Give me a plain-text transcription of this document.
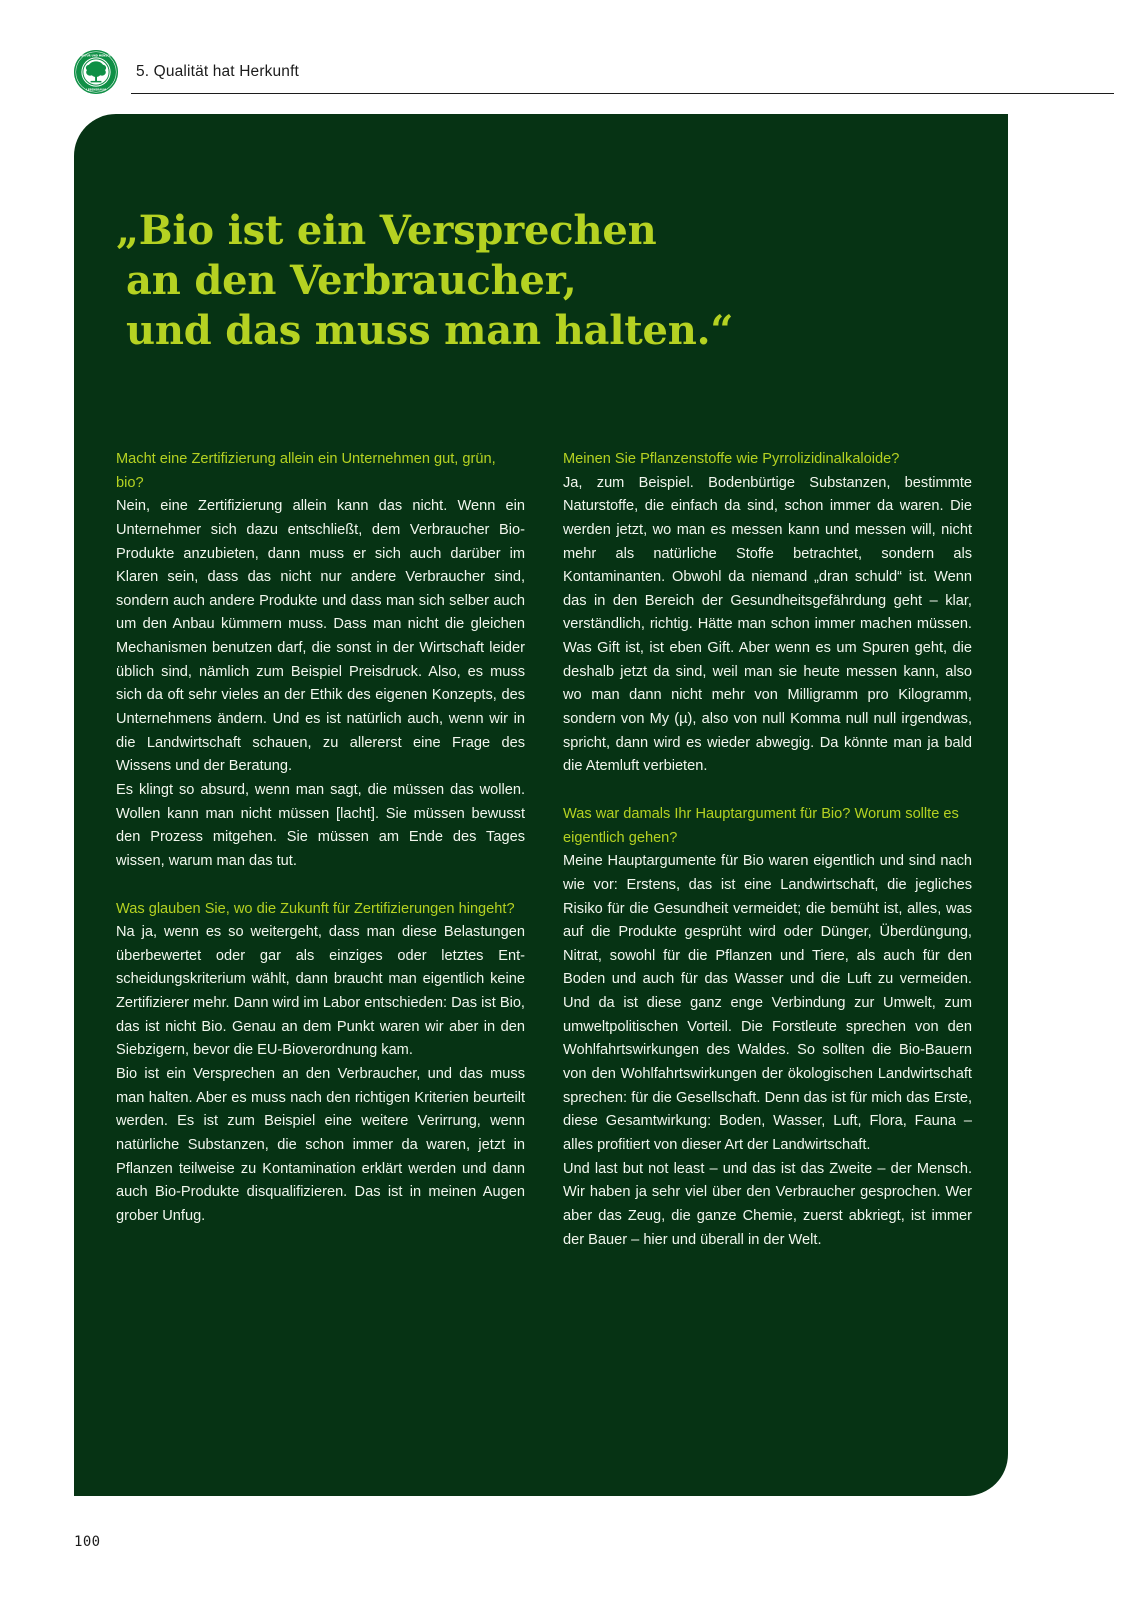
NATUR UND MENSCH
LEBENSRAUM
5. Qualität hat Herkunft
„Bio ist ein Versprechen
an den Verbraucher,
und das muss man halten.“

Macht eine Zertifizierung allein ein Unternehmen gut, grün, bio?

Nein, eine Zertifizierung allein kann das nicht. Wenn ein Unternehmer sich dazu entschließt, dem Verbraucher Bio-Produkte anzubieten, dann muss er sich auch darüber im Klaren sein, dass das nicht nur andere Verbraucher sind, sondern auch andere Produkte und dass man sich selber auch um den Anbau kümmern muss. Dass man nicht die gleichen Mechanismen benutzen darf, die sonst in der Wirtschaft leider üblich sind, nämlich zum Beispiel Preisdruck. Also, es muss sich da oft sehr vieles an der Ethik des eigenen Konzepts, des Unternehmens ändern. Und es ist natürlich auch, wenn wir in die Landwirtschaft schauen, zu allererst eine Frage des Wissens und der Beratung.

Es klingt so absurd, wenn man sagt, die müssen das wollen. Wollen kann man nicht müssen [lacht]. Sie müssen bewusst den Prozess mitgehen. Sie müssen am Ende des Tages wissen, warum man das tut.

Was glauben Sie, wo die Zukunft für Zertifizierungen hingeht?

Na ja, wenn es so weitergeht, dass man diese Belastungen überbewertet oder gar als einziges oder letztes Entscheidungskriterium wählt, dann braucht man eigentlich keine Zertifizierer mehr. Dann wird im Labor entschieden: Das ist Bio, das ist nicht Bio. Genau an dem Punkt waren wir aber in den Siebzigern, bevor die EU-Bioverordnung kam.

Bio ist ein Versprechen an den Verbraucher, und das muss man halten. Aber es muss nach den richtigen Kriterien beurteilt werden. Es ist zum Beispiel eine weitere Verirrung, wenn natürliche Substanzen, die schon immer da waren, jetzt in Pflanzen teilweise zu Kontamination erklärt werden und dann auch Bio-Produkte disqualifizieren. Das ist in meinen Augen grober Unfug.

Meinen Sie Pflanzenstoffe wie Pyrrolizidinalkaloide?

Ja, zum Beispiel. Bodenbürtige Substanzen, bestimmte Naturstoffe, die einfach da sind, schon immer da waren. Die werden jetzt, wo man es messen kann und messen will, nicht mehr als natürliche Stoffe betrachtet, sondern als Kontaminanten. Obwohl da niemand „dran schuld“ ist. Wenn das in den Bereich der Gesundheitsgefährdung geht – klar, verständlich, richtig. Hätte man schon immer machen müssen. Was Gift ist, ist eben Gift. Aber wenn es um Spuren geht, die deshalb jetzt da sind, weil man sie heute messen kann, also wo man dann nicht mehr von Milligramm pro Kilogramm, sondern von My (µ), also von null Komma null null irgendwas, spricht, dann wird es wieder abwegig. Da könnte man ja bald die Atemluft verbieten.

Was war damals Ihr Hauptargument für Bio? Worum sollte es eigentlich gehen?

Meine Hauptargumente für Bio waren eigentlich und sind nach wie vor: Erstens, das ist eine Landwirtschaft, die jegliches Risiko für die Gesundheit vermeidet; die bemüht ist, alles, was auf die Produkte gesprüht wird oder Dünger, Überdüngung, Nitrat, sowohl für die Pflanzen und Tiere, als auch für den Boden und auch für das Wasser und die Luft zu vermeiden. Und da ist diese ganz enge Verbindung zur Umwelt, zum umweltpolitischen Vorteil. Die Forstleute sprechen von den Wohlfahrtswirkungen des Waldes. So sollten die Bio-Bauern von den Wohlfahrtswirkungen der ökologischen Landwirtschaft sprechen: für die Gesellschaft. Denn das ist für mich das Erste, diese Gesamtwirkung: Boden, Wasser, Luft, Flora, Fauna – alles profitiert von dieser Art der Landwirtschaft.

Und last but not least – und das ist das Zweite – der Mensch. Wir haben ja sehr viel über den Verbraucher gesprochen. Wer aber das Zeug, die ganze Chemie, zuerst abkriegt, ist immer der Bauer – hier und überall in der Welt.

100
